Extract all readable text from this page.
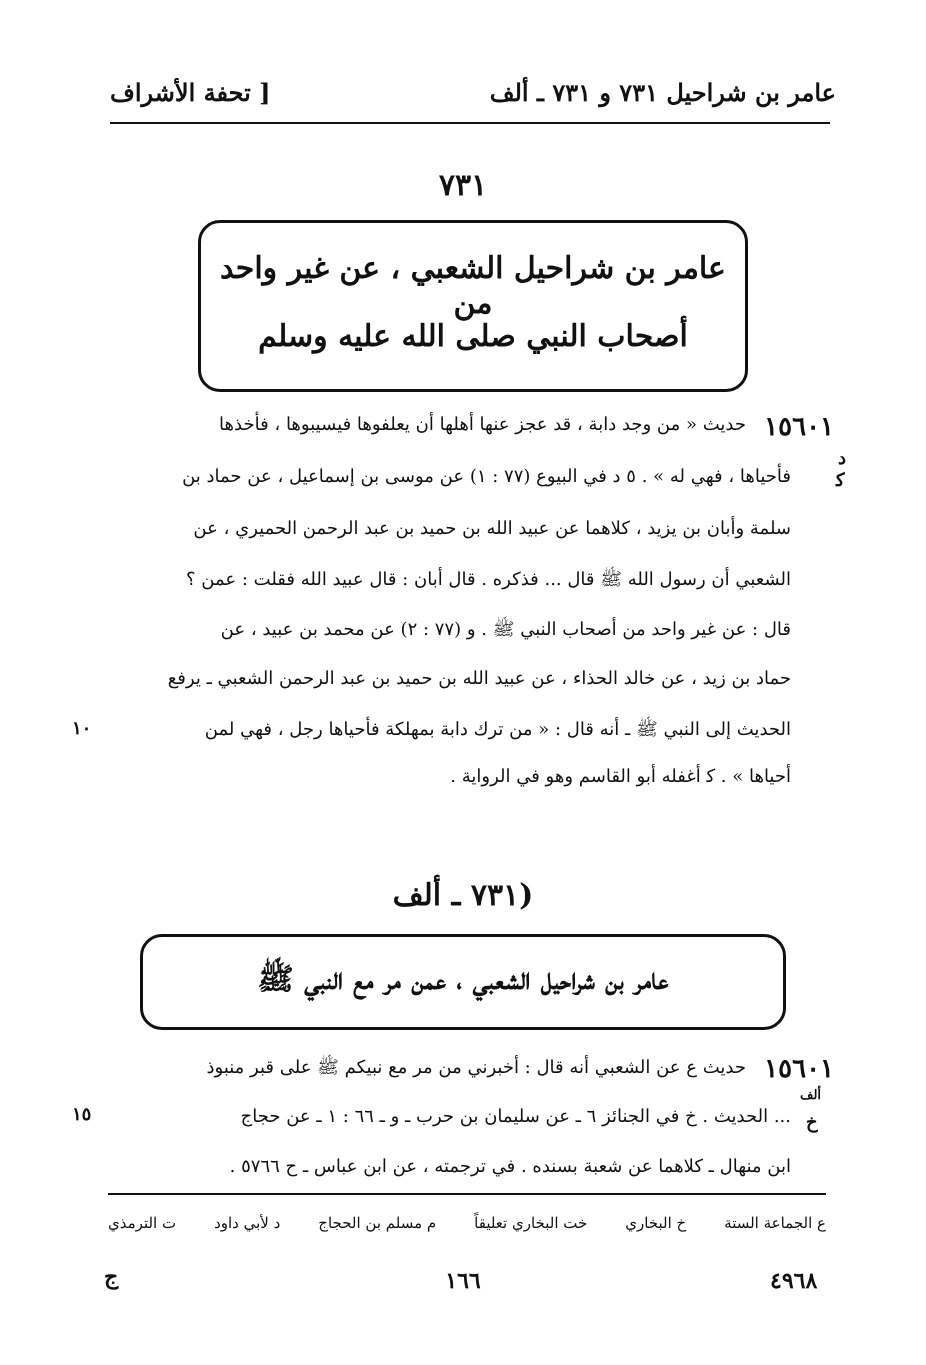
عامر بن شراحيل ٧٣١ و ٧٣١ ـ ألف
[ تحفة الأشراف
٧٣١
عامر بن شراحيل الشعبي ، عن غير واحد من
أصحاب النبي صلى الله عليه وسلم
١٥٦٠١
د
ﮐ
١٠
حديث « من وجد دابة ، قد عجز عنها أهلها أن يعلفوها فيسيبوها ، فأخذها
فأحياها ، فهي له » . ٥ د في البيوع (٧٧ : ١) عن موسى بن إسماعيل ، عن حماد بن
سلمة وأبان بن يزيد ، كلاهما عن عبيد الله بن حميد بن عبد الرحمن الحميري ، عن
الشعبي أن رسول الله ﷺ قال ... فذكره . قال أبان : قال عبيد الله فقلت : عمن ؟
قال : عن غير واحد من أصحاب النبي ﷺ . و (٧٧ : ٢) عن محمد بن عبيد ، عن
حماد بن زيد ، عن خالد الحذاء ، عن عبيد الله بن حميد بن عبد الرحمن الشعبي ـ يرفع
الحديث إلى النبي ﷺ ـ أنه قال : « من ترك دابة بمهلكة فأحياها رجل ، فهي لمن
أحياها » . ﮐ أغفله أبو القاسم وهو في الرواية .
(٧٣١ ـ ألف
عامر بن شراحيل الشعبي ، عمن مر مع النبي ﷺ
١٥٦٠١
ألف
خ
١٥
حديث ع عن الشعبي أنه قال : أخبرني من مر مع نبيكم ﷺ على قبر منبوذ
... الحديث . خ في الجنائز ٦ ـ عن سليمان بن حرب ـ و ـ ٦٦ : ١ ـ عن حجاج
ابن منهال ـ كلاهما عن شعبة بسنده . في ترجمته ، عن ابن عباس ـ ح ٥٧٦٦ .
ع الجماعة الستة
خ البخاري
خت البخاري تعليقاً
م مسلم بن الحجاج
د لأبي داود
ت الترمذي
ج	١٦٦	٤٩٦٨
